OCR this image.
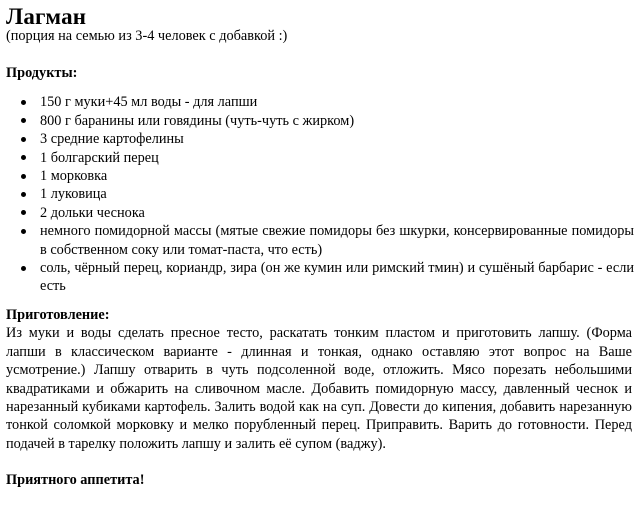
Лагман
(порция на семью из 3-4 человек с добавкой :)
Продукты:
150 г муки+45 мл воды - для лапши
800 г баранины или говядины (чуть-чуть с жирком)
3 средние картофелины
1 болгарский перец
1 морковка
1 луковица
2 дольки чеснока
немного помидорной массы (мятые свежие помидоры без шкурки, консервированные помидоры в собственном соку или томат-паста, что есть)
соль, чёрный перец, кориандр, зира (он же кумин или римский тмин) и сушёный барбарис - если есть
Приготовление:

Из муки и воды сделать пресное тесто, раскатать тонким пластом и приготовить лапшу. (Форма лапши в классическом варианте - длинная и тонкая, однако оставляю этот вопрос на Ваше усмотрение.) Лапшу отварить в чуть подсоленной воде, отложить. Мясо порезать небольшими квадратиками и обжарить на сливочном масле. Добавить помидорную массу, давленный чеснок и нарезанный кубиками картофель. Залить водой как на суп. Довести до кипения, добавить нарезанную тонкой соломкой морковку и мелко порубленный перец. Приправить. Варить до готовности. Перед подачей в тарелку положить лапшу и залить её супом (ваджу).

Приятного аппетита!
